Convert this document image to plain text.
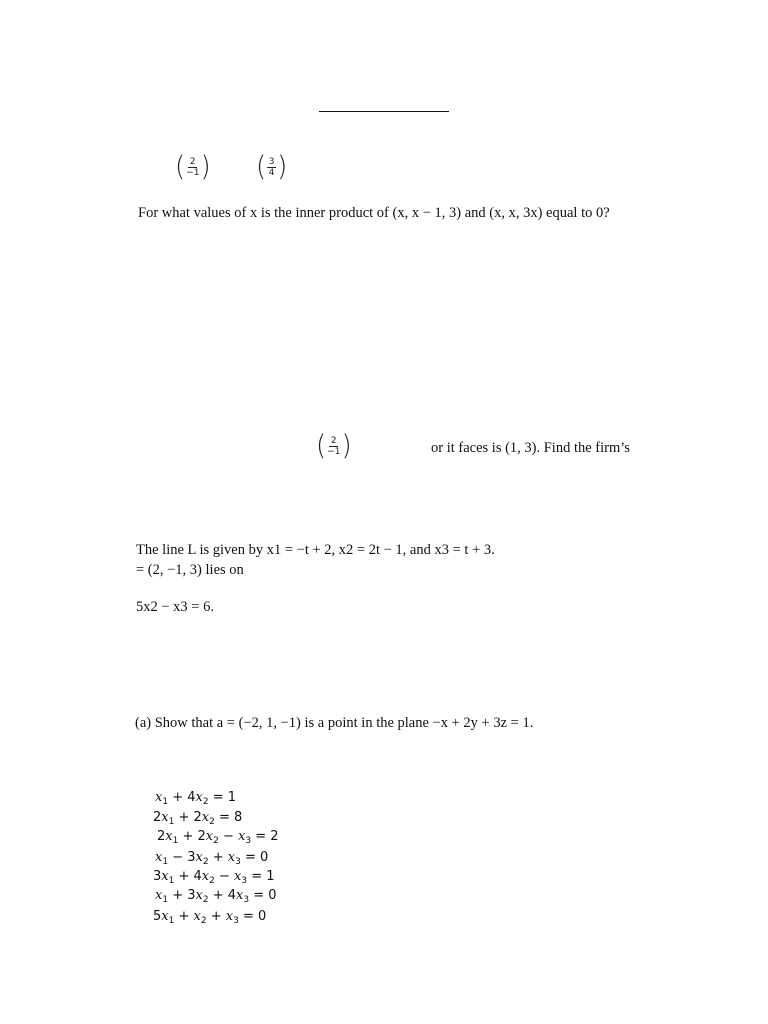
( 2
−1 ) ( 3
4 )
For what values of x is the inner product of (x, x − 1, 3) and (x, x, 3x) equal to 0?
( 2
−1 )	or it faces is (1, 3). Find the firm’s
The line L is given by x1 = −t + 2, x2 = 2t − 1, and x3 = t + 3.
= (2, −1, 3) lies on
5x2 − x3 = 6.
(a) Show that a = (−2, 1, −1) is a point in the plane −x + 2y + 3z = 1.
$x_1 + 4x_2 = 1$
$2x_1 + 2x_2 = 8$
$2x_1 + 2x_2 - x_3 = 2$
$x_1 - 3x_2 + x_3 = 0$
$3x_1 + 4x_2 - x_3 = 1$
$x_1 + 3x_2 + 4x_3 = 0$
$5x_1 + x_2 + x_3 = 0$
